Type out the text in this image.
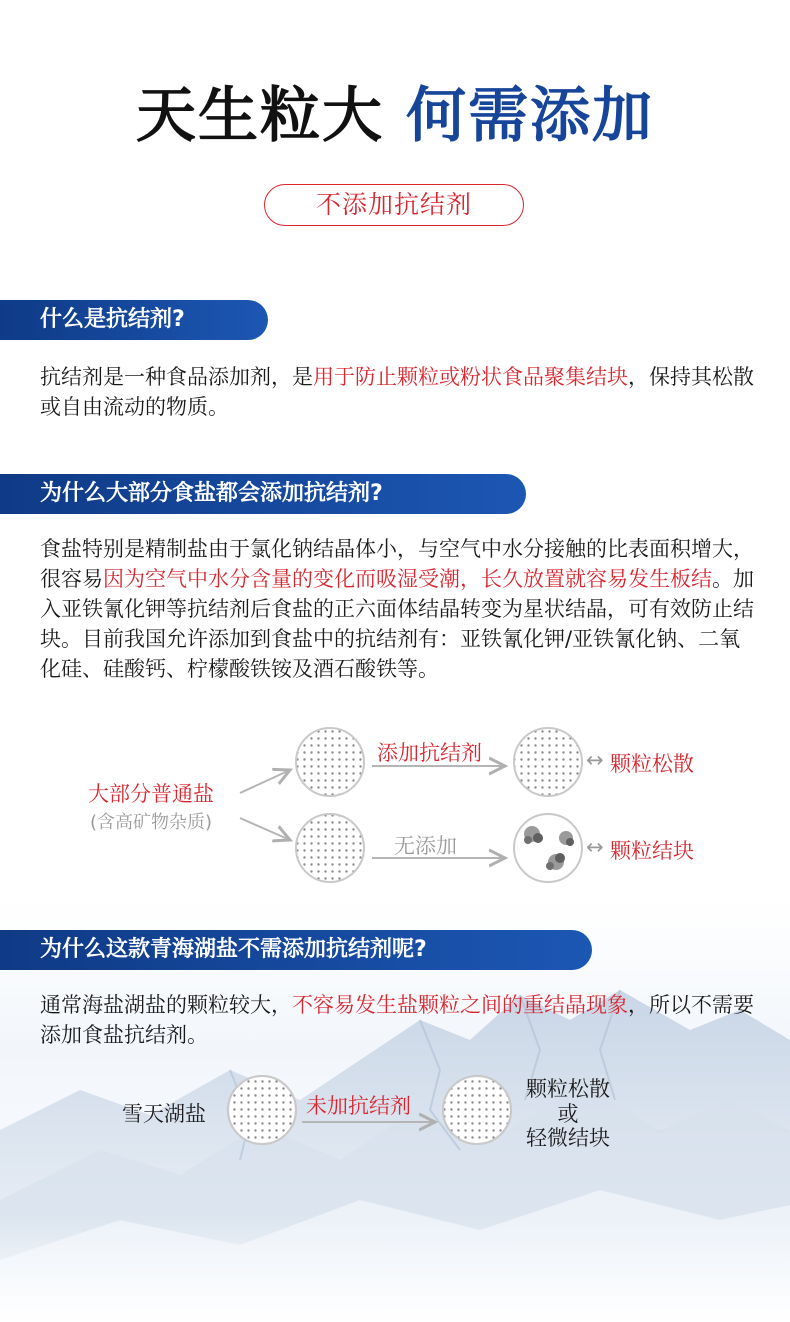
天生粒大 何需添加
不添加抗结剂
什么是抗结剂?
抗结剂是一种食品添加剂，是用于防止颗粒或粉状食品聚集结块，保持其松散或自由流动的物质。
为什么大部分食盐都会添加抗结剂?
食盐特别是精制盐由于氯化钠结晶体小，与空气中水分接触的比表面积增大，很容易因为空气中水分含量的变化而吸湿受潮，长久放置就容易发生板结。加入亚铁氰化钾等抗结剂后食盐的正六面体结晶转变为星状结晶，可有效防止结块。目前我国允许添加到食盐中的抗结剂有：亚铁氰化钾/亚铁氰化钠、二氧化硅、硅酸钙、柠檬酸铁铵及酒石酸铁等。
大部分普通盐
(含高矿物杂质)
添加抗结剂
无添加
↔ 颗粒松散
↔ 颗粒结块
为什么这款青海湖盐不需添加抗结剂呢?
通常海盐湖盐的颗粒较大，不容易发生盐颗粒之间的重结晶现象，所以不需要添加食盐抗结剂。
雪天湖盐	未加抗结剂
颗粒松散
或
轻微结块
